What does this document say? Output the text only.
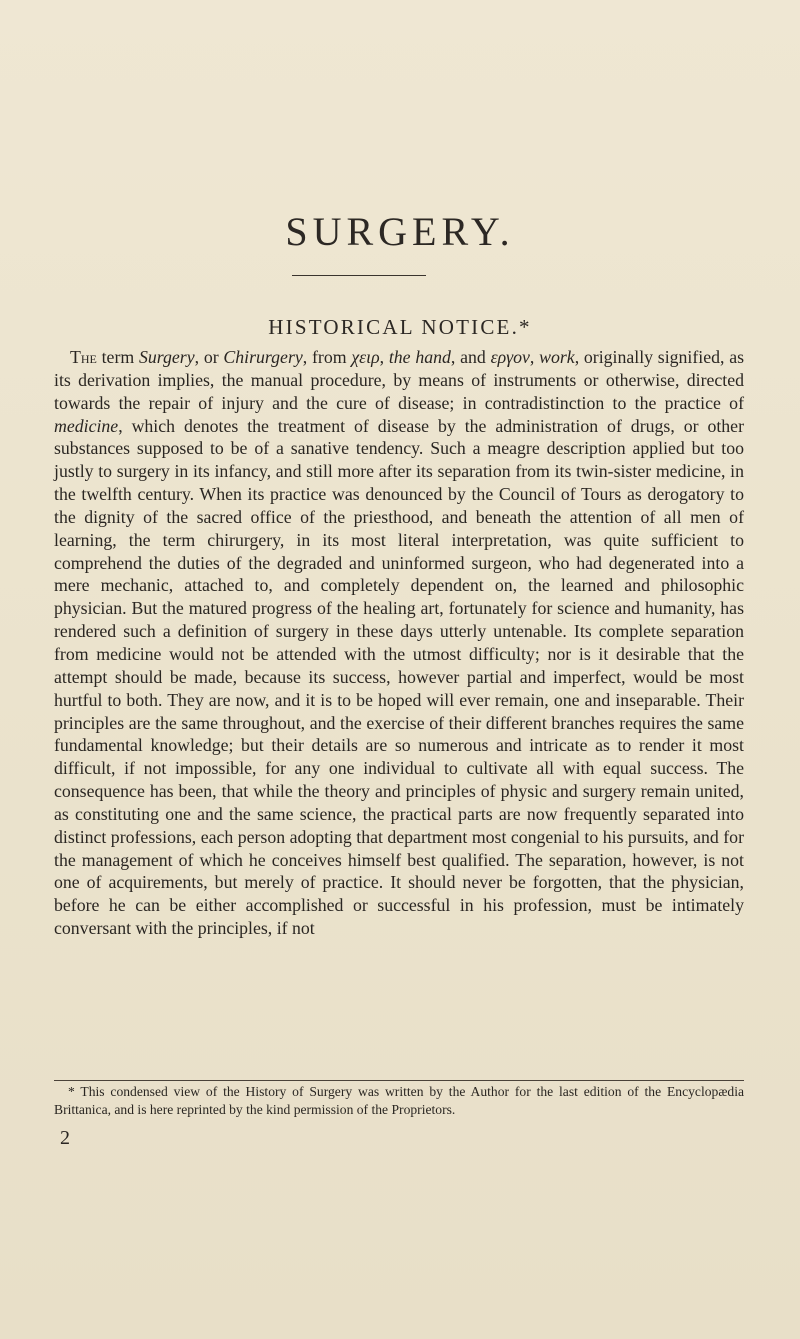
SURGERY.
HISTORICAL NOTICE.*

The term Surgery, or Chirurgery, from χειρ, the hand, and εργον, work, originally signified, as its derivation implies, the manual procedure, by means of instruments or otherwise, directed towards the repair of injury and the cure of disease; in contradistinction to the practice of medicine, which denotes the treatment of disease by the administration of drugs, or other substances supposed to be of a sanative tendency. Such a meagre description applied but too justly to surgery in its infancy, and still more after its separation from its twin-sister medicine, in the twelfth century. When its practice was denounced by the Council of Tours as derogatory to the dignity of the sacred office of the priesthood, and beneath the attention of all men of learning, the term chirurgery, in its most literal interpretation, was quite sufficient to comprehend the duties of the degraded and uninformed surgeon, who had degenerated into a mere mechanic, attached to, and completely dependent on, the learned and philosophic physician. But the matured progress of the healing art, fortunately for science and humanity, has rendered such a definition of surgery in these days utterly untenable. Its complete separation from medicine would not be attended with the utmost difficulty; nor is it desirable that the attempt should be made, because its success, however partial and imperfect, would be most hurtful to both. They are now, and it is to be hoped will ever remain, one and inseparable. Their principles are the same throughout, and the exercise of their different branches requires the same fundamental knowledge; but their details are so numerous and intricate as to render it most difficult, if not impossible, for any one individual to cultivate all with equal success. The consequence has been, that while the theory and principles of physic and surgery remain united, as constituting one and the same science, the practical parts are now frequently separated into distinct professions, each person adopting that department most congenial to his pursuits, and for the management of which he conceives himself best qualified. The separation, however, is not one of acquirements, but merely of practice. It should never be forgotten, that the physician, before he can be either accomplished or successful in his profession, must be intimately conversant with the principles, if not

* This condensed view of the History of Surgery was written by the Author for the last edition of the Encyclopædia Brittanica, and is here reprinted by the kind permission of the Proprietors.

2
